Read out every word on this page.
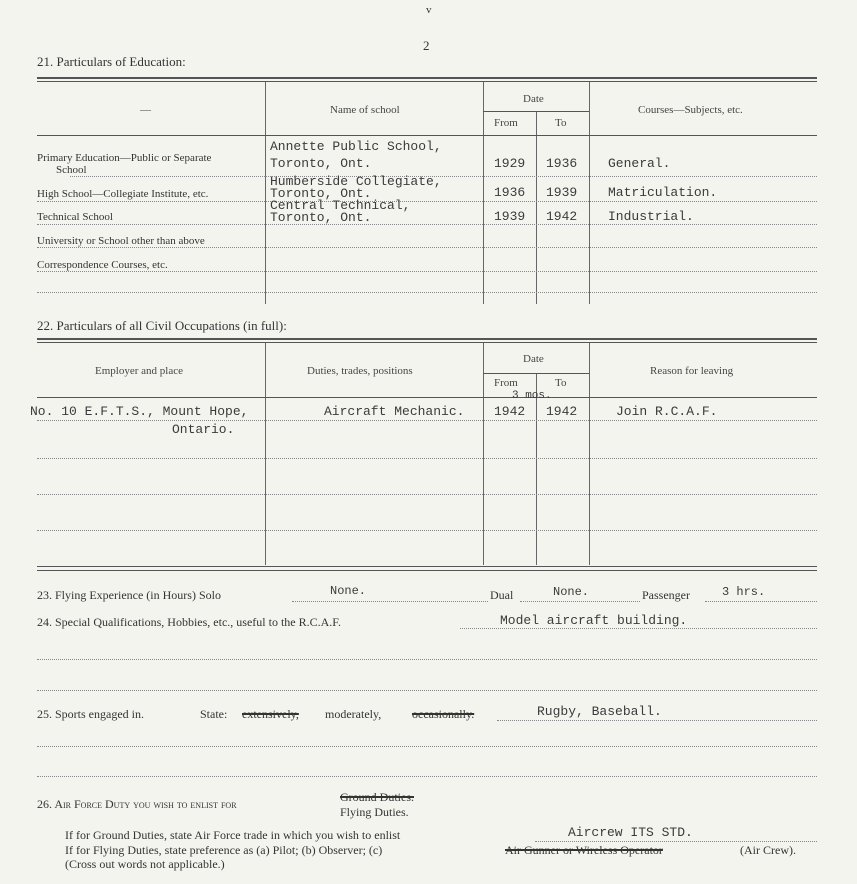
v
2
21. Particulars of Education:
—	Name of school
Date
From	To
Courses—Subjects, etc.
Primary Education—Public or Separate
School
Annette Public School,
Toronto, Ont.	1929 1936 General.
High School—Collegiate Institute, etc.
Humberside Collegiate,
Toronto, Ont.	1936 1939 Matriculation.
Technical School
Central Technical,
Toronto, Ont.	1939 1942 Industrial.
University or School other than above
Correspondence Courses, etc.
22. Particulars of all Civil Occupations (in full):
Employer and place	Duties, trades, positions
Date
From	To
Reason for leaving
No. 10 E.F.T.S., Mount Hope,
Ontario.
Aircraft Mechanic.
3 mos.
1942 1942	Join R.C.A.F.
23. Flying Experience (in Hours) Solo	None.	Dual	None.	Passenger	3 hrs.
24. Special Qualifications, Hobbies, etc., useful to the R.C.A.F.	Model aircraft building.
25. Sports engaged in.	State: extensively, moderately,	occasionally.	Rugby, Baseball.
26. Air Force Duty you wish to enlist for	Ground Duties.
Flying Duties.
If for Ground Duties, state Air Force trade in which you wish to enlist	Aircrew ITS STD.
If for Flying Duties, state preference as (a) Pilot; (b) Observer; (c)	Air Gunner or Wireless Operator	(Air Crew).
(Cross out words not applicable.)
